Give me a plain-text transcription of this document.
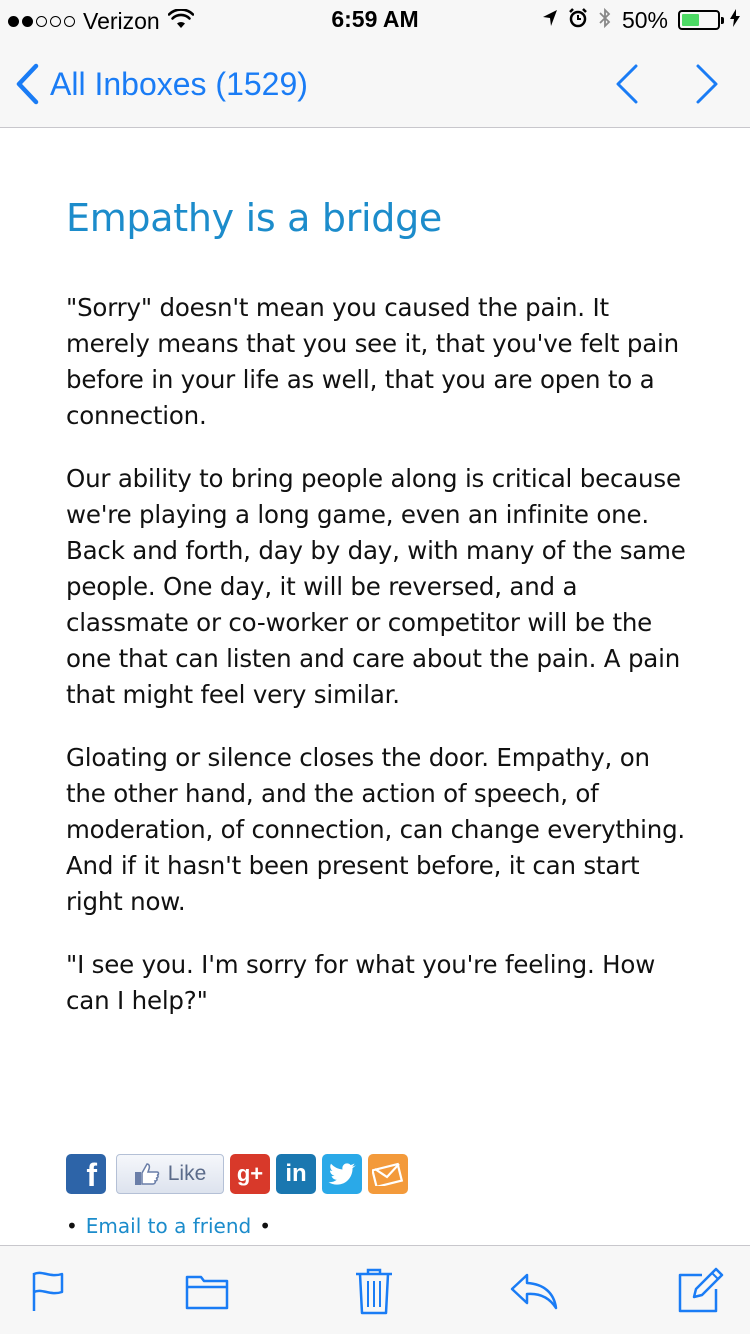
Verizon	6:59 AM	50%
All Inboxes (1529)
Empathy is a bridge

"Sorry" doesn't mean you caused the pain. It merely means that you see it, that you've felt pain before in your life as well, that you are open to a connection.

Our ability to bring people along is critical because we're playing a long game, even an infinite one. Back and forth, day by day, with many of the same people. One day, it will be reversed, and a classmate or co-worker or competitor will be the one that can listen and care about the pain. A pain that might feel very similar.

Gloating or silence closes the door. Empathy, on the other hand, and the action of speech, of moderation, of connection, can change everything. And if it hasn't been present before, it can start right now.

"I see you. I'm sorry for what you're feeling. How can I help?"

f	Like g+ in
• Email to a friend •
